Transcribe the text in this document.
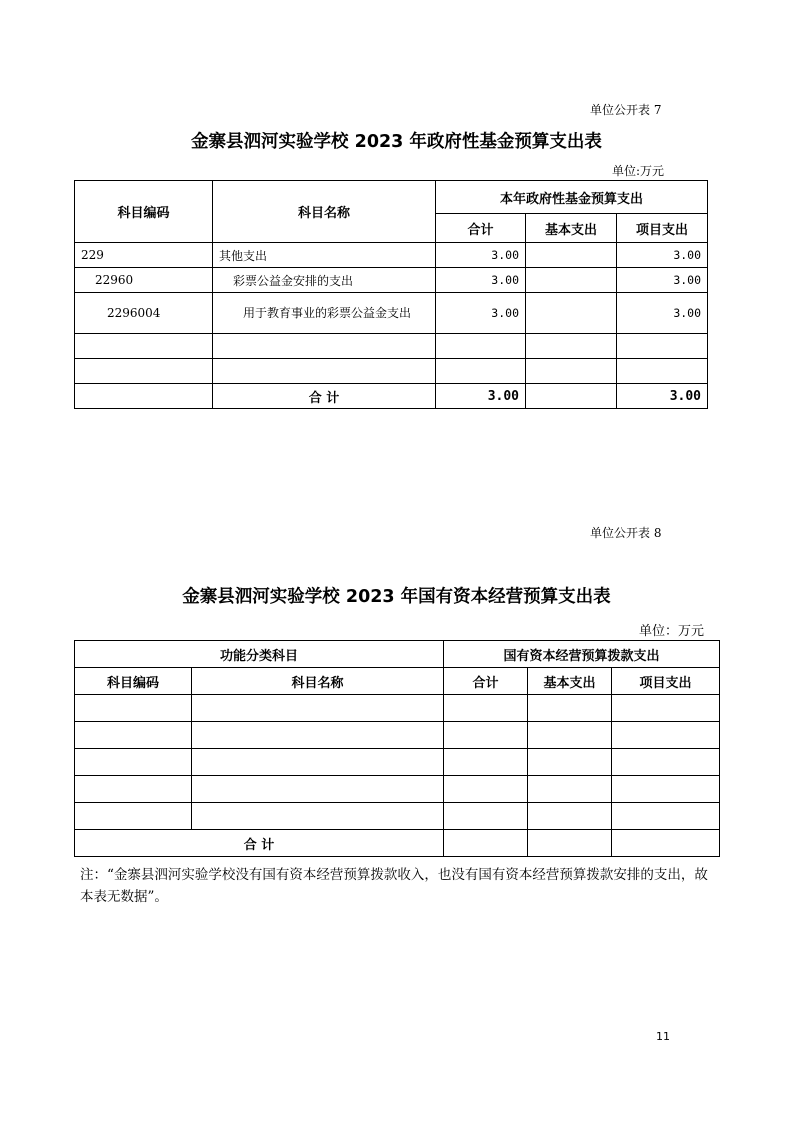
单位公开表 7
金寨县泗河实验学校 2023 年政府性基金预算支出表
单位:万元
科目编码	科目名称	本年政府性基金预算支出		
		合计	基本支出	项目支出
229	其他支出	3.00		3.00
22960	彩票公益金安排的支出	3.00		3.00
2296004	用于教育事业的彩票公益金支出	3.00		3.00

	合 计	3.00		3.00
单位公开表 8
金寨县泗河实验学校 2023 年国有资本经营预算支出表
单位：万元
功能分类科目		国有资本经营预算拨款支出		
科目编码	科目名称	合计	基本支出	项目支出

合 计				
注：“金寨县泗河实验学校没有国有资本经营预算拨款收入，也没有国有资本经营预算拨款安排的支出，故本表无数据”。
11
